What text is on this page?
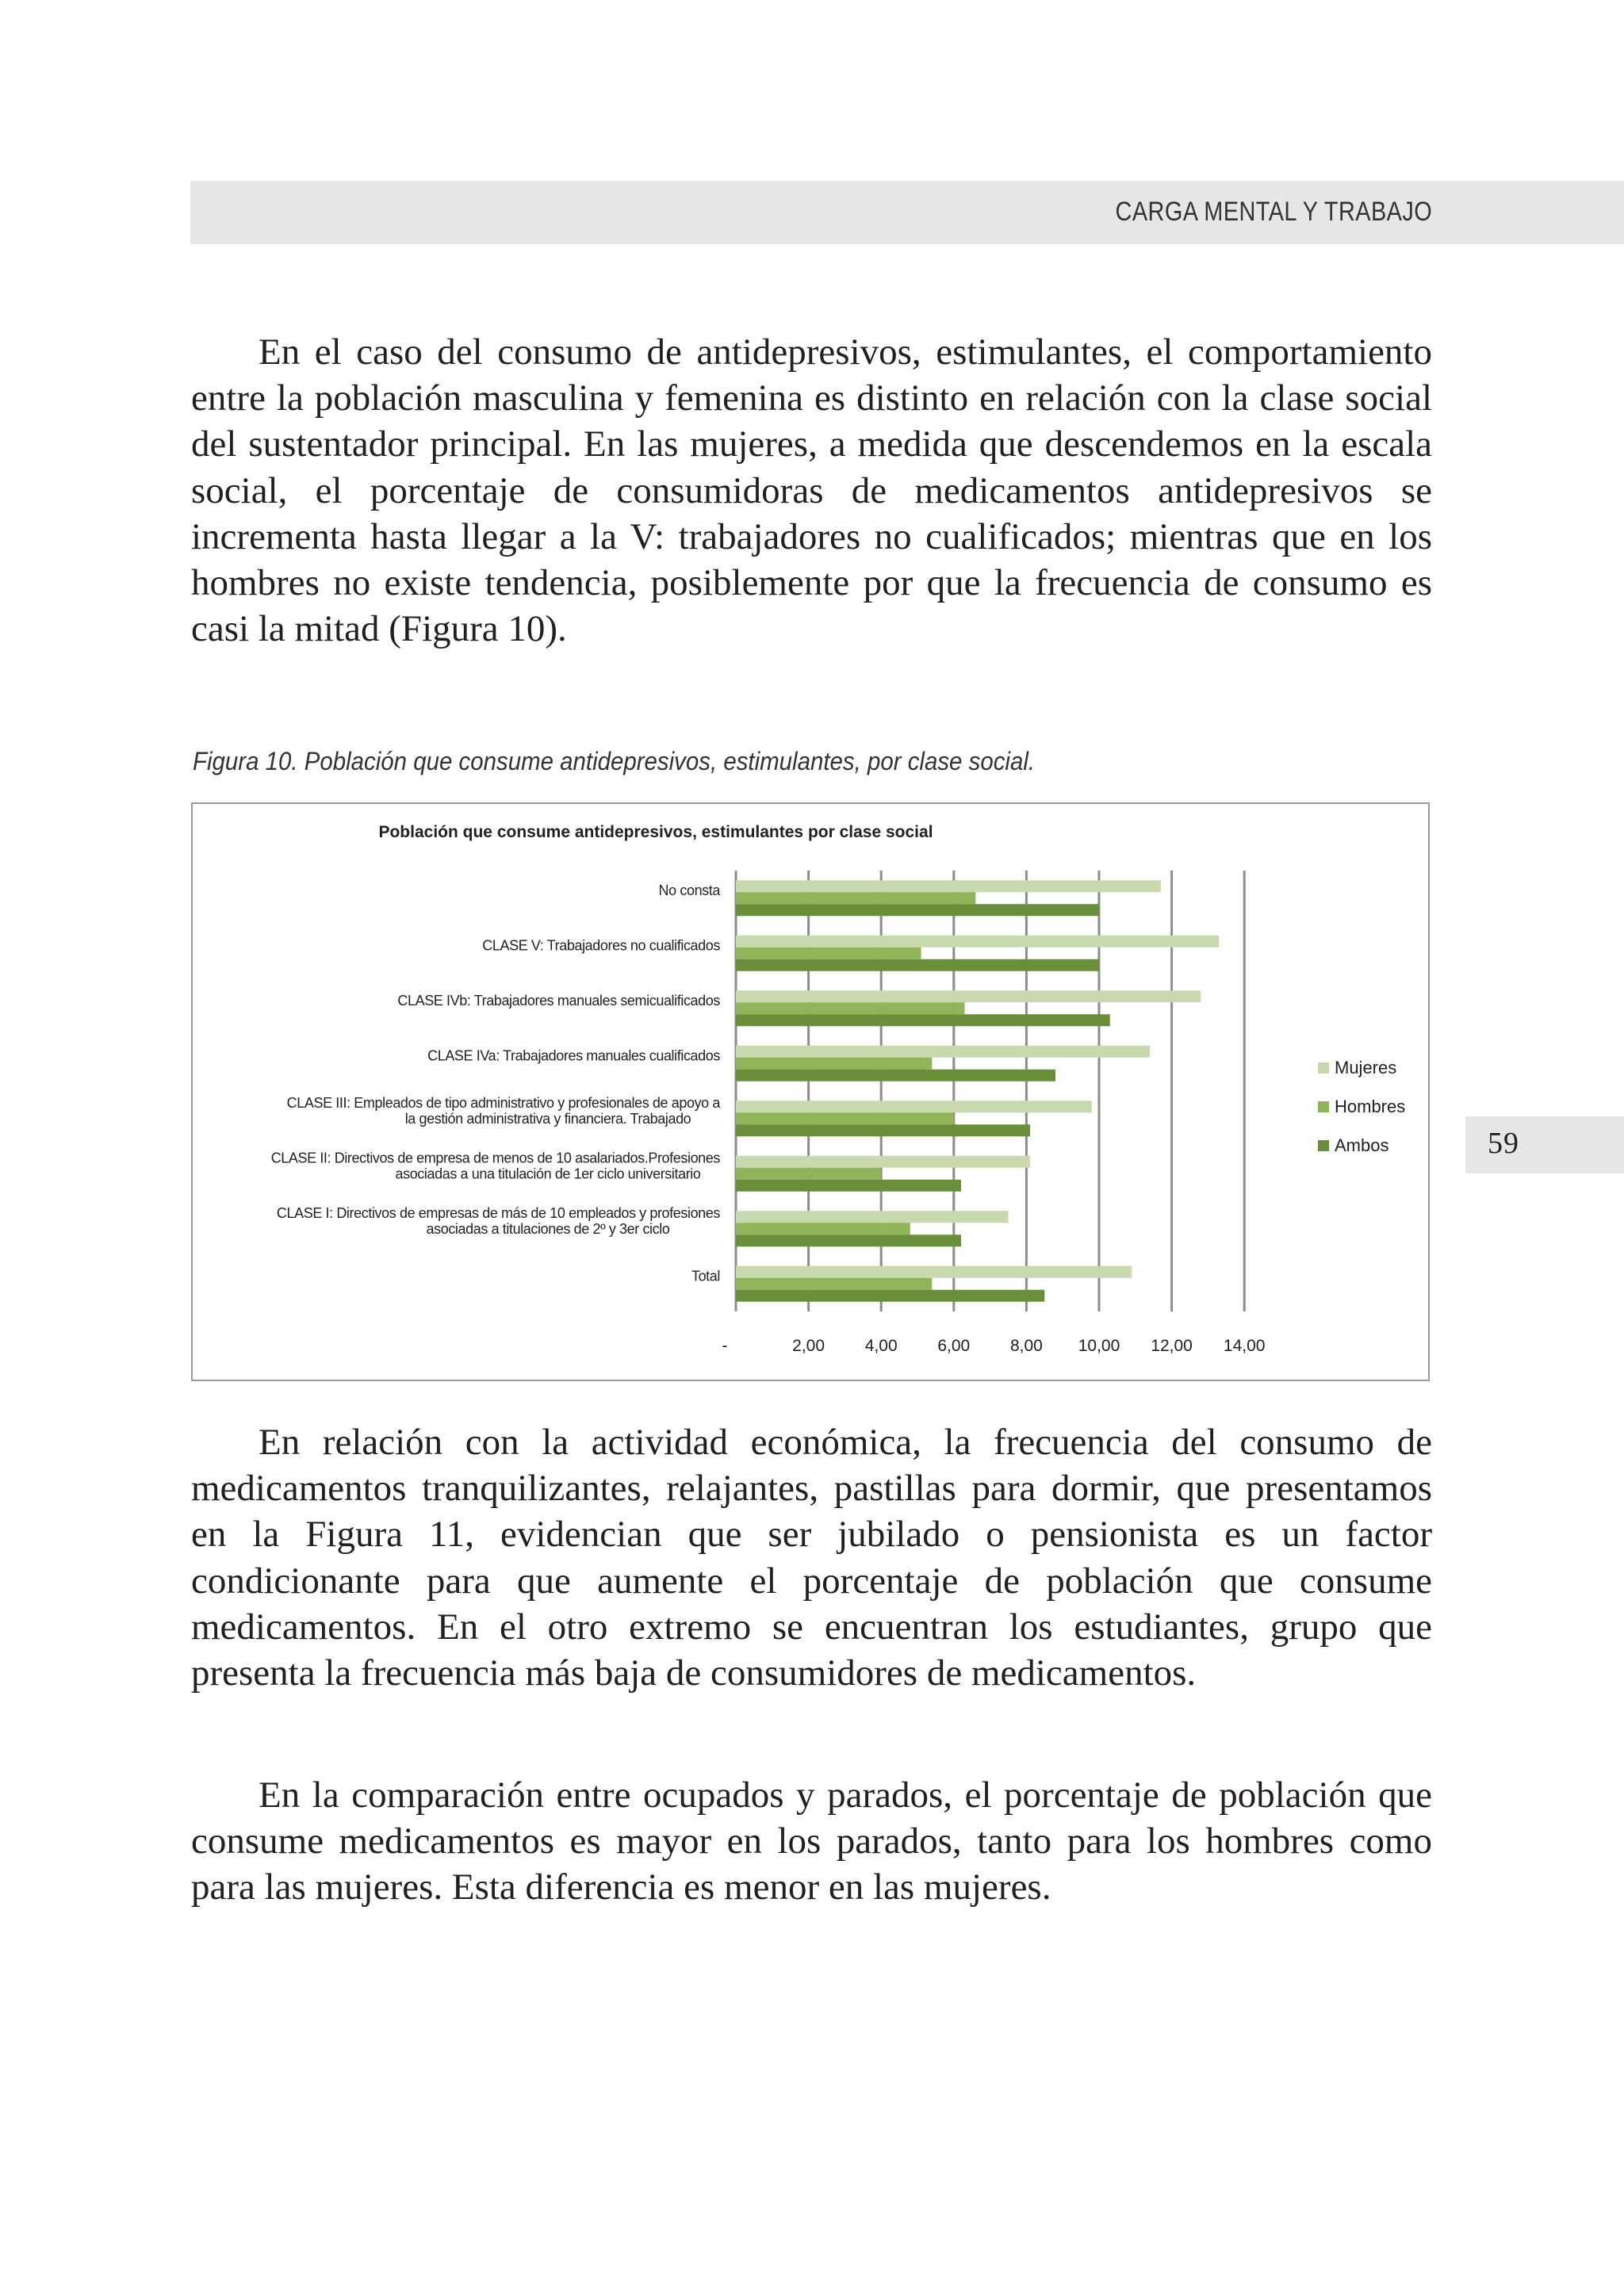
CARGA MENTAL Y TRABAJO
59

En el caso del consumo de antidepresivos, estimulantes, el comportamiento entre la población masculina y femenina es distinto en relación con la clase social del sustentador principal. En las mujeres, a medida que descendemos en la escala social, el porcentaje de consumidoras de medicamentos antidepresivos se incrementa hasta llegar a la V: trabajadores no cualificados; mientras que en los hombres no existe tendencia, posiblemente por que la frecuencia de consumo es casi la mitad (Figura 10).

Figura 10. Población que consume antidepresivos, estimulantes, por clase social.
Población que consume antidepresivos, estimulantes por clase social
No consta
CLASE V: Trabajadores no cualificados
CLASE IVb: Trabajadores manuales semicualificados
CLASE IVa: Trabajadores manuales cualificados
CLASE III: Empleados de tipo administrativo y profesionales de apoyo a
la gestión administrativa y financiera. Trabajado
CLASE II: Directivos de empresa de menos de 10 asalariados.Profesiones
asociadas a una titulación de 1er ciclo universitario
CLASE I: Directivos de empresas de más de 10 empleados y profesiones
asociadas a titulaciones de 2º y 3er ciclo
Total
-	2,00 4,00 6,00 8,00 10,00 12,00 14,00
Mujeres
Hombres
Ambos

En relación con la actividad económica, la frecuencia del consumo de medicamentos tranquilizantes, relajantes, pastillas para dormir, que presentamos en la Figura 11, evidencian que ser jubilado o pensionista es un factor condicionante para que aumente el porcentaje de población que consume medicamentos. En el otro extremo se encuentran los estudiantes, grupo que presenta la frecuencia más baja de consumidores de medicamentos.

En la comparación entre ocupados y parados, el porcentaje de población que consume medicamentos es mayor en los parados, tanto para los hombres como para las mujeres. Esta diferencia es menor en las mujeres.
